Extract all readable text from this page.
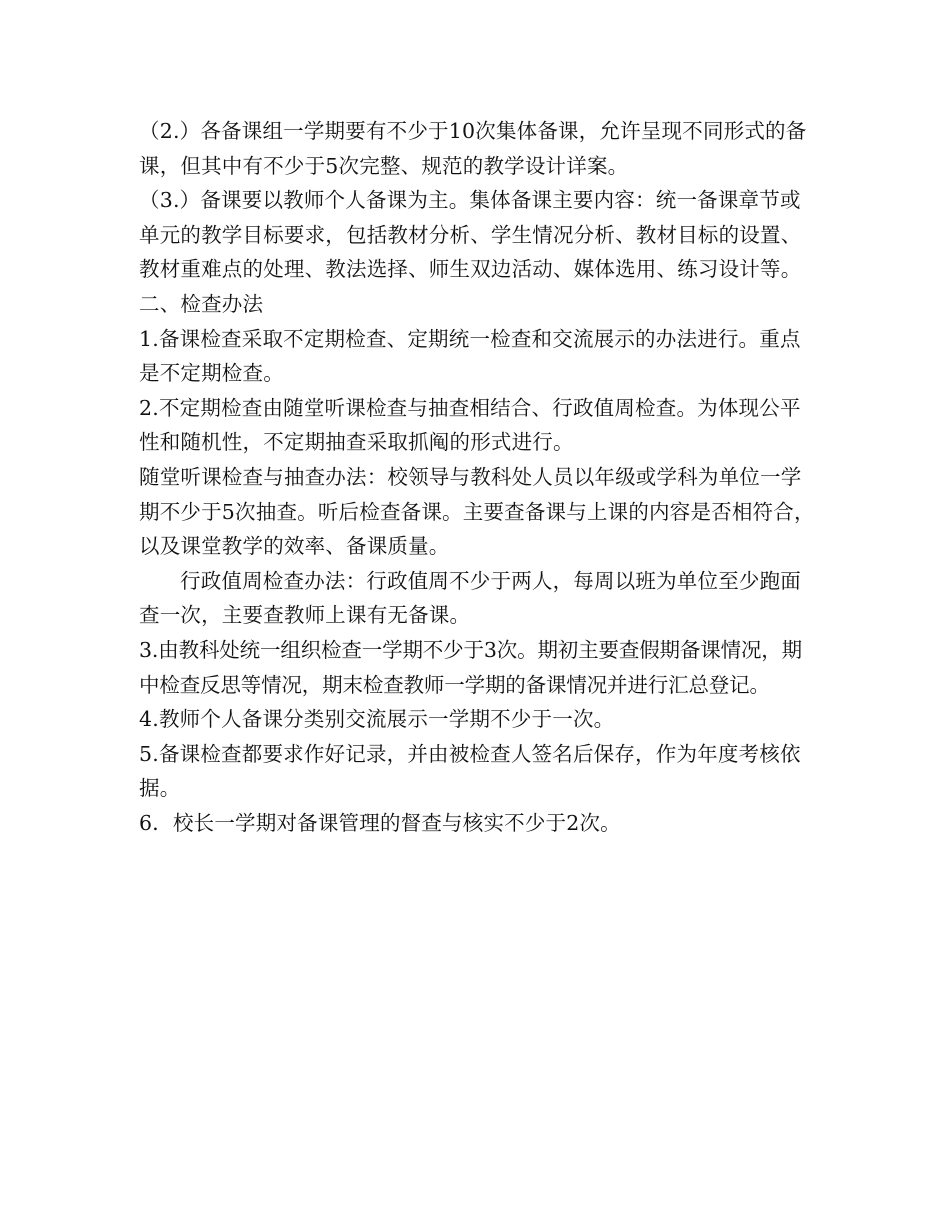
（2.）各备课组一学期要有不少于10次集体备课，允许呈现不同形式的备课，但其中有不少于5次完整、规范的教学设计详案。

（3.）备课要以教师个人备课为主。集体备课主要内容：统一备课章节或单元的教学目标要求，包括教材分析、学生情况分析、教材目标的设置、教材重难点的处理、教法选择、师生双边活动、媒体选用、练习设计等。

二、检查办法

1.备课检查采取不定期检查、定期统一检查和交流展示的办法进行。重点是不定期检查。

2.不定期检查由随堂听课检查与抽查相结合、行政值周检查。为体现公平性和随机性，不定期抽查采取抓阄的形式进行。

随堂听课检查与抽查办法：校领导与教科处人员以年级或学科为单位一学期不少于5次抽查。听后检查备课。主要查备课与上课的内容是否相符合，以及课堂教学的效率、备课质量。

行政值周检查办法：行政值周不少于两人，每周以班为单位至少跑面查一次，主要查教师上课有无备课。

3.由教科处统一组织检查一学期不少于3次。期初主要查假期备课情况，期中检查反思等情况，期末检查教师一学期的备课情况并进行汇总登记。

4.教师个人备课分类别交流展示一学期不少于一次。

5.备课检查都要求作好记录，并由被检查人签名后保存，作为年度考核依据。

6．校长一学期对备课管理的督查与核实不少于2次。
